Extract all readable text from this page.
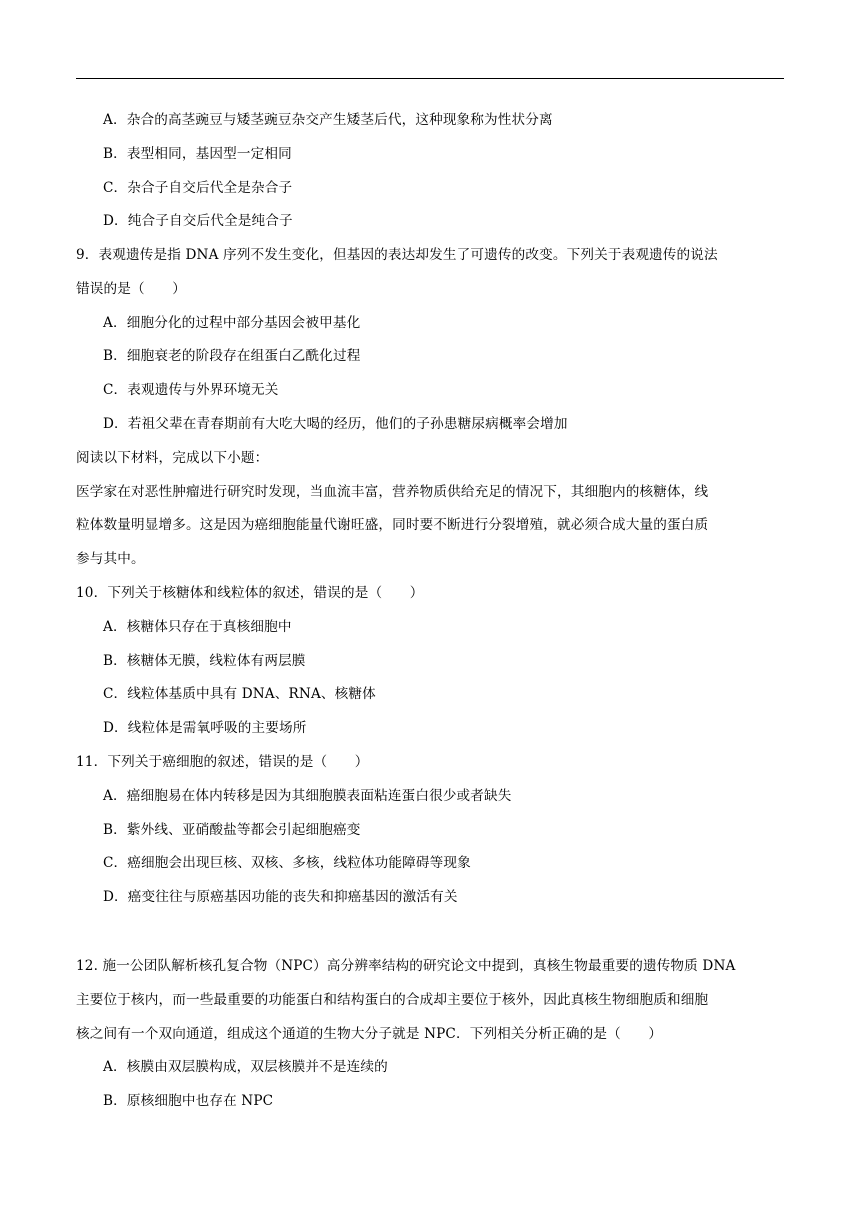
A．杂合的高茎豌豆与矮茎豌豆杂交产生矮茎后代，这种现象称为性状分离
B．表型相同，基因型一定相同
C．杂合子自交后代全是杂合子
D．纯合子自交后代全是纯合子
9．表观遗传是指 DNA 序列不发生变化，但基因的表达却发生了可遗传的改变。下列关于表观遗传的说法
错误的是（　　）
A．细胞分化的过程中部分基因会被甲基化
B．细胞衰老的阶段存在组蛋白乙酰化过程
C．表观遗传与外界环境无关
D．若祖父辈在青春期前有大吃大喝的经历，他们的子孙患糖尿病概率会增加
阅读以下材料，完成以下小题：
医学家在对恶性肿瘤进行研究时发现，当血流丰富，营养物质供给充足的情况下，其细胞内的核糖体，线
粒体数量明显增多。这是因为癌细胞能量代谢旺盛，同时要不断进行分裂增殖，就必须合成大量的蛋白质
参与其中。
10．下列关于核糖体和线粒体的叙述，错误的是（　　）
A．核糖体只存在于真核细胞中
B．核糖体无膜，线粒体有两层膜
C．线粒体基质中具有 DNA、RNA、核糖体
D．线粒体是需氧呼吸的主要场所
11．下列关于癌细胞的叙述，错误的是（　　）
A．癌细胞易在体内转移是因为其细胞膜表面粘连蛋白很少或者缺失
B．紫外线、亚硝酸盐等都会引起细胞癌变
C．癌细胞会出现巨核、双核、多核，线粒体功能障碍等现象
D．癌变往往与原癌基因功能的丧失和抑癌基因的激活有关
12. 施一公团队解析核孔复合物（NPC）高分辨率结构的研究论文中提到，真核生物最重要的遗传物质 DNA
主要位于核内，而一些最重要的功能蛋白和结构蛋白的合成却主要位于核外，因此真核生物细胞质和细胞
核之间有一个双向通道，组成这个通道的生物大分子就是 NPC．下列相关分析正确的是（　　）
A．核膜由双层膜构成，双层核膜并不是连续的
B．原核细胞中也存在 NPC
